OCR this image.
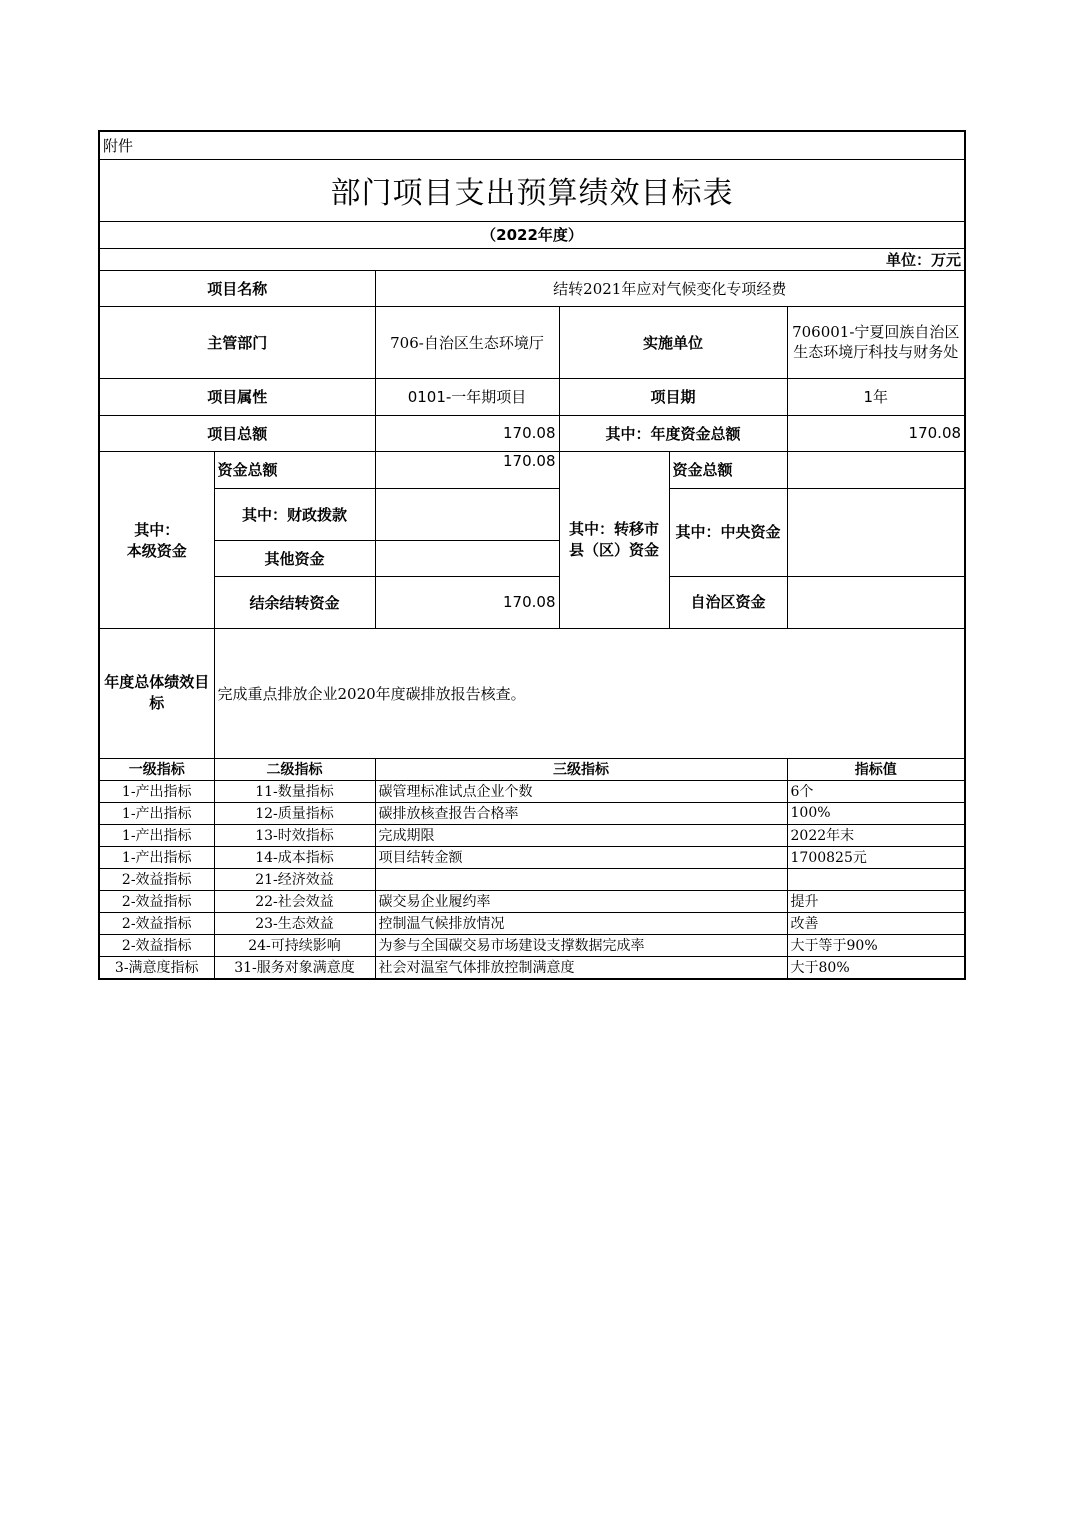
附件					
部门项目支出预算绩效目标表					
（2022年度）					
单位：万元					
项目名称		结转2021年应对气候变化专项经费			
主管部门		706-自治区生态环境厅	实施单位		706001-宁夏回族自治区生态环境厅科技与财务处
项目属性		0101-一年期项目	项目期		1年
项目总额		170.08	其中：年度资金总额		170.08

其中：
本级资金	资金总额	170.08	其中：转移市县（区）资金	资金总额	
	其中：财政拨款			其中：中央资金	
	其他资金				
	结余结转资金	170.08		自治区资金	
年度总体绩效目标	完成重点排放企业2020年度碳排放报告核查。				
一级指标	二级指标	三级指标			指标值
1-产出指标	11-数量指标	碳管理标准试点企业个数			6个
1-产出指标	12-质量指标	碳排放核查报告合格率			100%
1-产出指标	13-时效指标	完成期限			2022年末
1-产出指标	14-成本指标	项目结转金额			1700825元
2-效益指标	21-经济效益				
2-效益指标	22-社会效益	碳交易企业履约率			提升
2-效益指标	23-生态效益	控制温气候排放情况			改善
2-效益指标	24-可持续影响	为参与全国碳交易市场建设支撑数据完成率			大于等于90%
3-满意度指标	31-服务对象满意度	社会对温室气体排放控制满意度			大于80%
